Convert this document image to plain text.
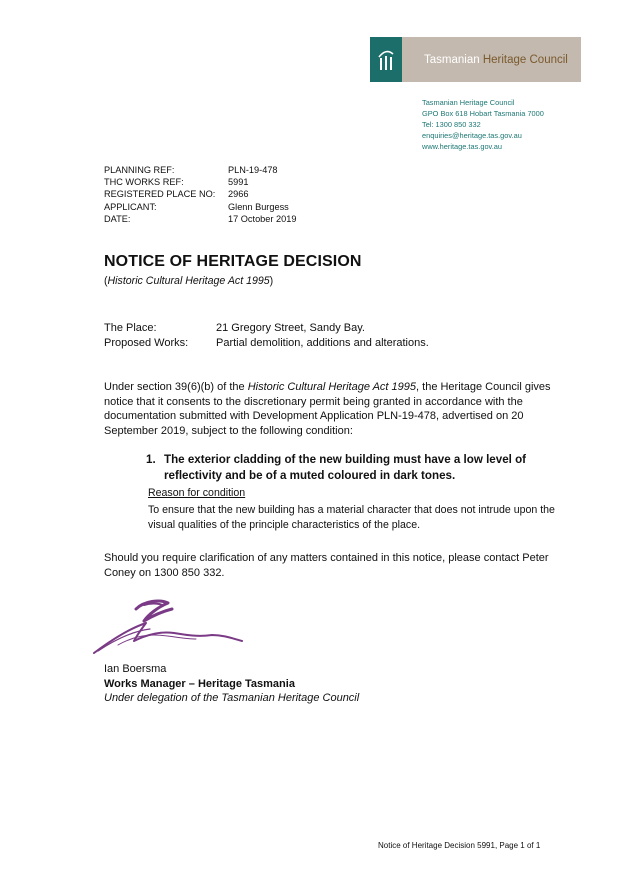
Tasmanian Heritage Council
Tasmanian Heritage Council
GPO Box 618 Hobart Tasmania 7000
Tel: 1300 850 332
enquiries@heritage.tas.gov.au
www.heritage.tas.gov.au
PLANNING REF:	PLN-19-478
THC WORKS REF:	5991
REGISTERED PLACE NO:	2966
APPLICANT:	Glenn Burgess
DATE:	17 October 2019
NOTICE OF HERITAGE DECISION
(Historic Cultural Heritage Act 1995)
The Place:	21 Gregory Street, Sandy Bay.
Proposed Works:	Partial demolition, additions and alterations.
Under section 39(6)(b) of the Historic Cultural Heritage Act 1995, the Heritage Council gives notice that it consents to the discretionary permit being granted in accordance with the documentation submitted with Development Application PLN-19-478, advertised on 20 September 2019, subject to the following condition:
1. The exterior cladding of the new building must have a low level of reflectivity and be of a muted coloured in dark tones.
Reason for condition
To ensure that the new building has a material character that does not intrude upon the visual qualities of the principle characteristics of the place.
Should you require clarification of any matters contained in this notice, please contact Peter Coney on 1300 850 332.
Ian Boersma
Works Manager – Heritage Tasmania
Under delegation of the Tasmanian Heritage Council
Notice of Heritage Decision 5991, Page 1 of 1
